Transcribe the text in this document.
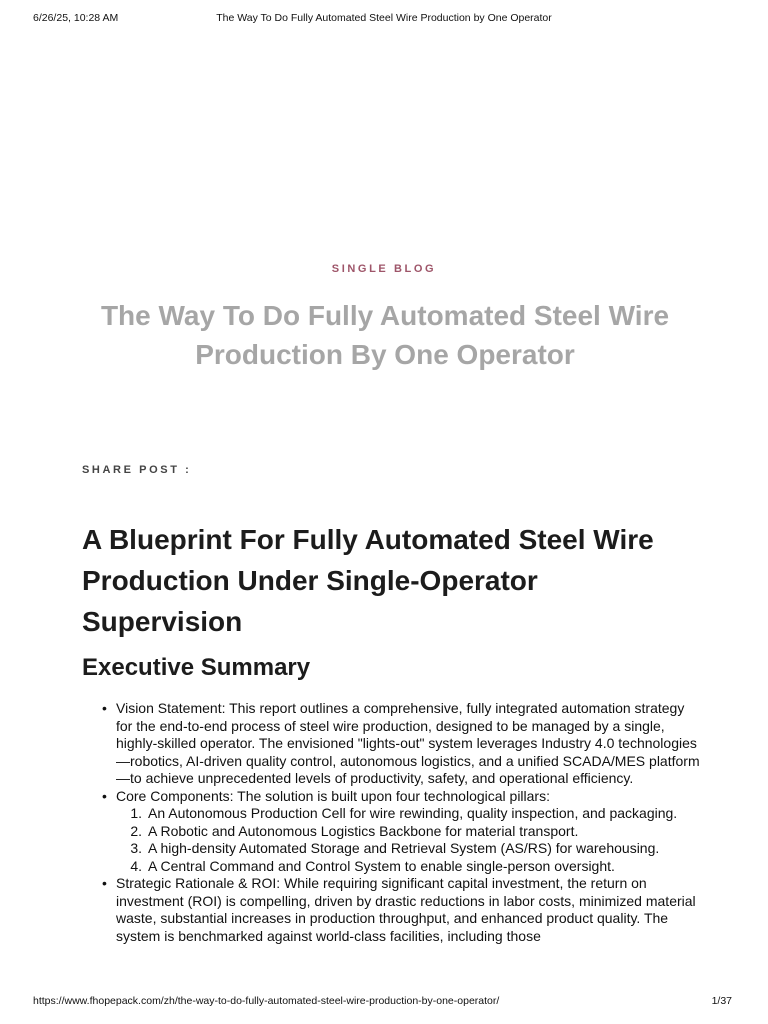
6/26/25, 10:28 AM	The Way To Do Fully Automated Steel Wire Production by One Operator
SINGLE BLOG
The Way To Do Fully Automated Steel Wire Production By One Operator
SHARE POST :
A Blueprint For Fully Automated Steel Wire Production Under Single-Operator Supervision
Executive Summary
• Vision Statement: This report outlines a comprehensive, fully integrated automation strategy for the end-to-end process of steel wire production, designed to be managed by a single, highly-skilled operator. The envisioned "lights-out" system leverages Industry 4.0 technologies—robotics, AI-driven quality control, autonomous logistics, and a unified SCADA/MES platform—to achieve unprecedented levels of productivity, safety, and operational efficiency.
• Core Components: The solution is built upon four technological pillars:
1. An Autonomous Production Cell for wire rewinding, quality inspection, and packaging.
2. A Robotic and Autonomous Logistics Backbone for material transport.
3. A high-density Automated Storage and Retrieval System (AS/RS) for warehousing.
4. A Central Command and Control System to enable single-person oversight.
• Strategic Rationale & ROI: While requiring significant capital investment, the return on investment (ROI) is compelling, driven by drastic reductions in labor costs, minimized material waste, substantial increases in production throughput, and enhanced product quality. The system is benchmarked against world-class facilities, including those
https://www.fhopepack.com/zh/the-way-to-do-fully-automated-steel-wire-production-by-one-operator/	1/37
